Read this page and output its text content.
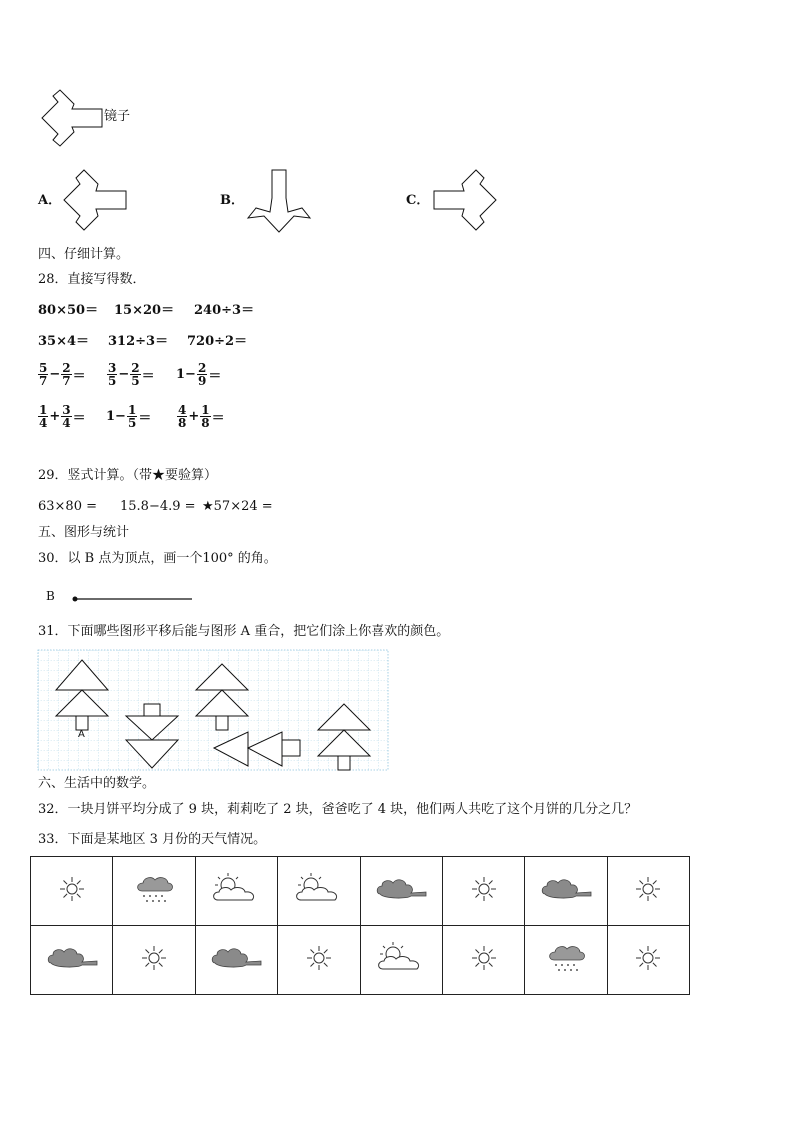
镜子
A．	B．	C．
四、仔细计算。
28．直接写得数．
80×50＝ 15×20＝ 240÷3＝
35×4＝ 312÷3＝ 720÷2＝
$\frac{5}{7} - \frac{2}{7} = \frac{3}{5} - \frac{2}{5} = 1 - \frac{2}{9}$ ＝
$\frac{1}{4} + \frac{3}{4} = 1 - \frac{1}{5} = \frac{4}{8} + \frac{1}{8}$ ＝
29．竖式计算。（带★要验算）
63×80 = 15.8−4.9 = ★57×24 =
五、图形与统计
30．以 B 点为顶点，画一个100° 的角。
B
31．下面哪些图形平移后能与图形 A 重合，把它们涂上你喜欢的颜色。
A
六、生活中的数学。
32．一块月饼平均分成了 9 块，莉莉吃了 2 块，爸爸吃了 4 块，他们两人共吃了这个月饼的几分之几？
33．下面是某地区 3 月份的天气情况。
